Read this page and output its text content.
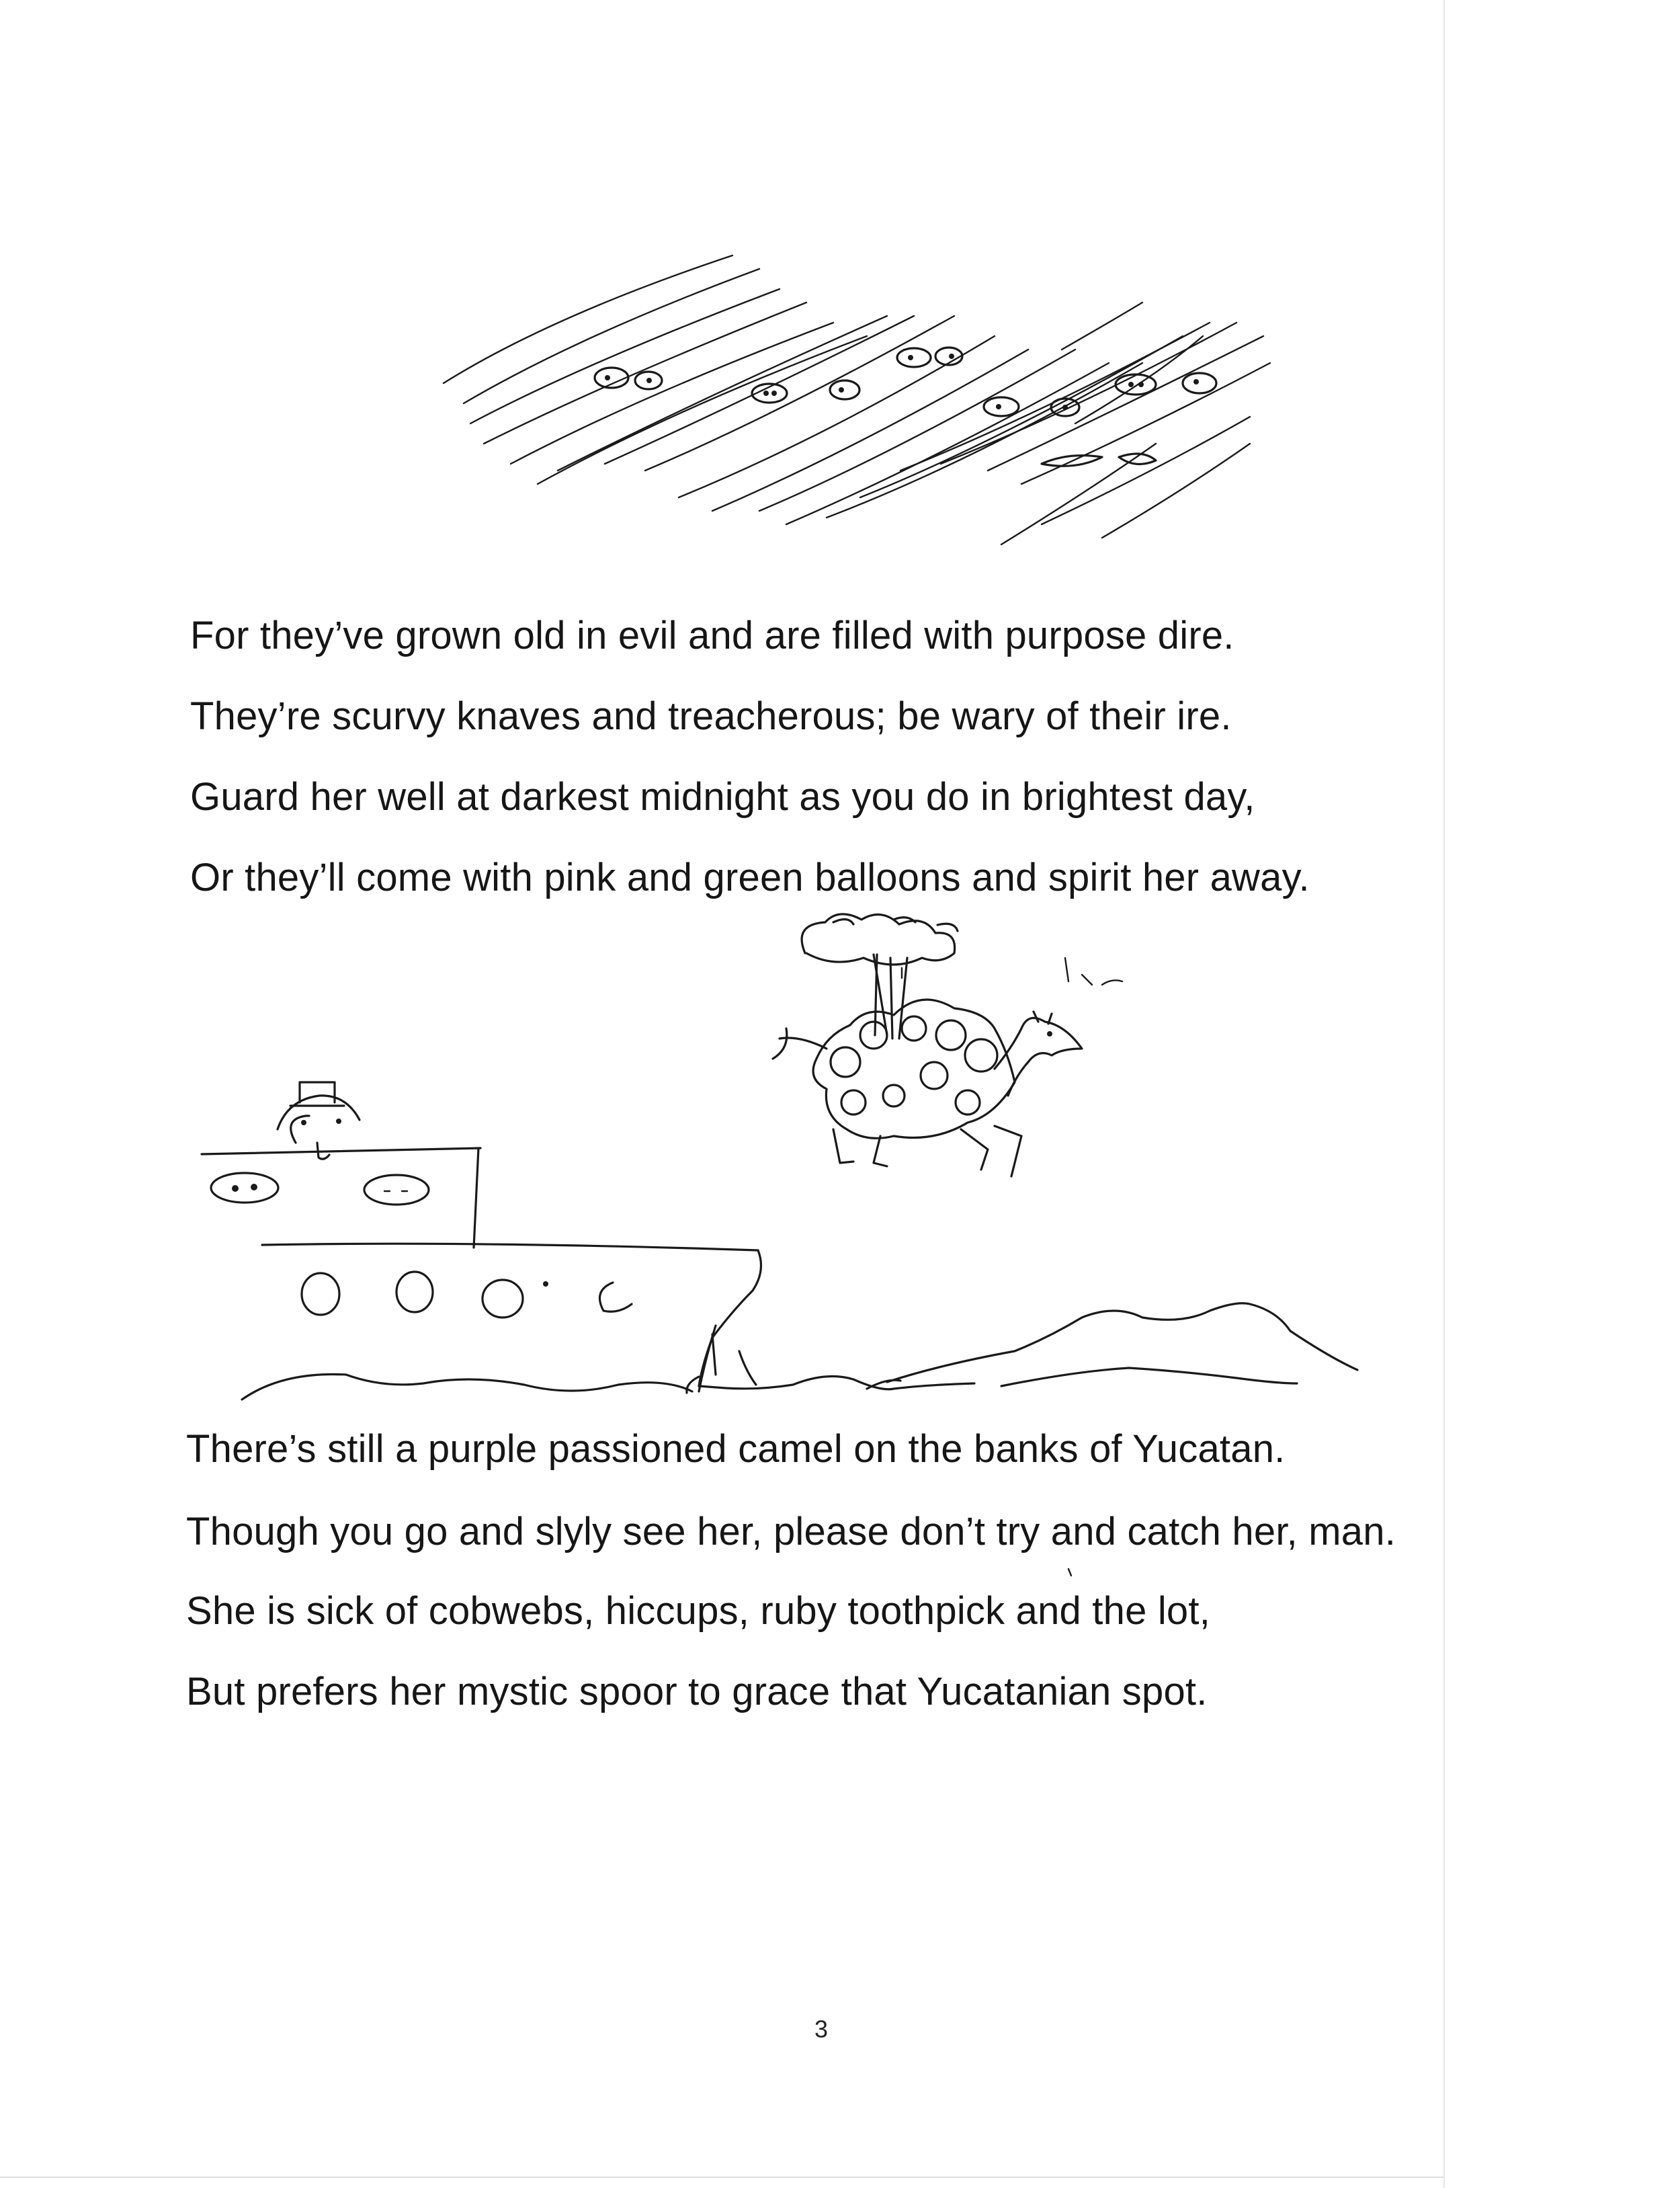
For they’ve grown old in evil and are filled with purpose dire.
They’re scurvy knaves and treacherous; be wary of their ire.
Guard her well at darkest midnight as you do in brightest day,
Or they’ll come with pink and green balloons and spirit her away.
There’s still a purple passioned camel on the banks of Yucatan.
Though you go and slyly see her, please don’t try and catch her, man.
She is sick of cobwebs, hiccups, ruby toothpick and the lot,
But prefers her mystic spoor to grace that Yucatanian spot.
3
